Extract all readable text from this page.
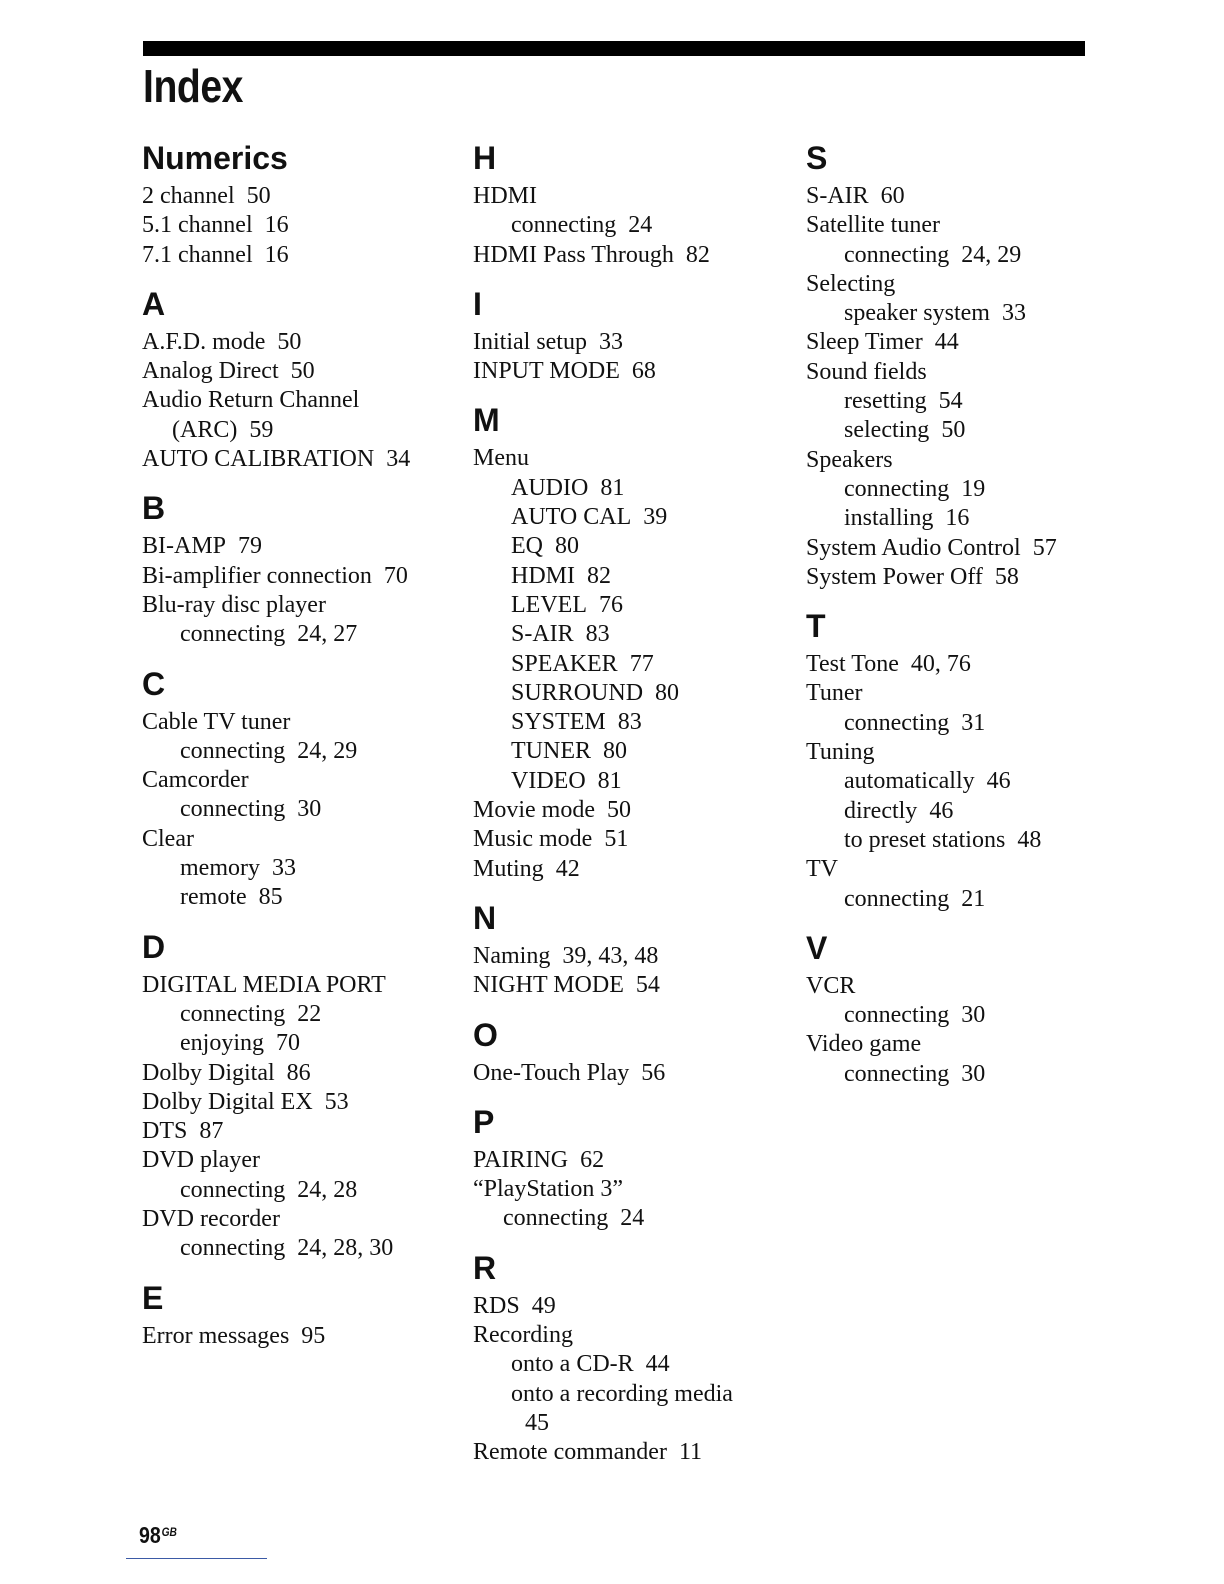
Index
Numerics
2 channel 50
5.1 channel 16
7.1 channel 16
A
A.F.D. mode 50
Analog Direct 50
Audio Return Channel
(ARC) 59
AUTO CALIBRATION 34
B
BI-AMP 79
Bi-amplifier connection 70
Blu-ray disc player
connecting 24, 27
C
Cable TV tuner
connecting 24, 29
Camcorder
connecting 30
Clear
memory 33
remote 85
D
DIGITAL MEDIA PORT
connecting 22
enjoying 70
Dolby Digital 86
Dolby Digital EX 53
DTS 87
DVD player
connecting 24, 28
DVD recorder
connecting 24, 28, 30
E
Error messages 95
H
HDMI
connecting 24
HDMI Pass Through 82
I
Initial setup 33
INPUT MODE 68
M
Menu
AUDIO 81
AUTO CAL 39
EQ 80
HDMI 82
LEVEL 76
S-AIR 83
SPEAKER 77
SURROUND 80
SYSTEM 83
TUNER 80
VIDEO 81
Movie mode 50
Music mode 51
Muting 42
N
Naming 39, 43, 48
NIGHT MODE 54
O
One-Touch Play 56
P
PAIRING 62
“PlayStation 3”
connecting 24
R
RDS 49
Recording
onto a CD-R 44
onto a recording media
45
Remote commander 11
S
S-AIR 60
Satellite tuner
connecting 24, 29
Selecting
speaker system 33
Sleep Timer 44
Sound fields
resetting 54
selecting 50
Speakers
connecting 19
installing 16
System Audio Control 57
System Power Off 58
T
Test Tone 40, 76
Tuner
connecting 31
Tuning
automatically 46
directly 46
to preset stations 48
TV
connecting 21
V
VCR
connecting 30
Video game
connecting 30
$98^{GB}$
